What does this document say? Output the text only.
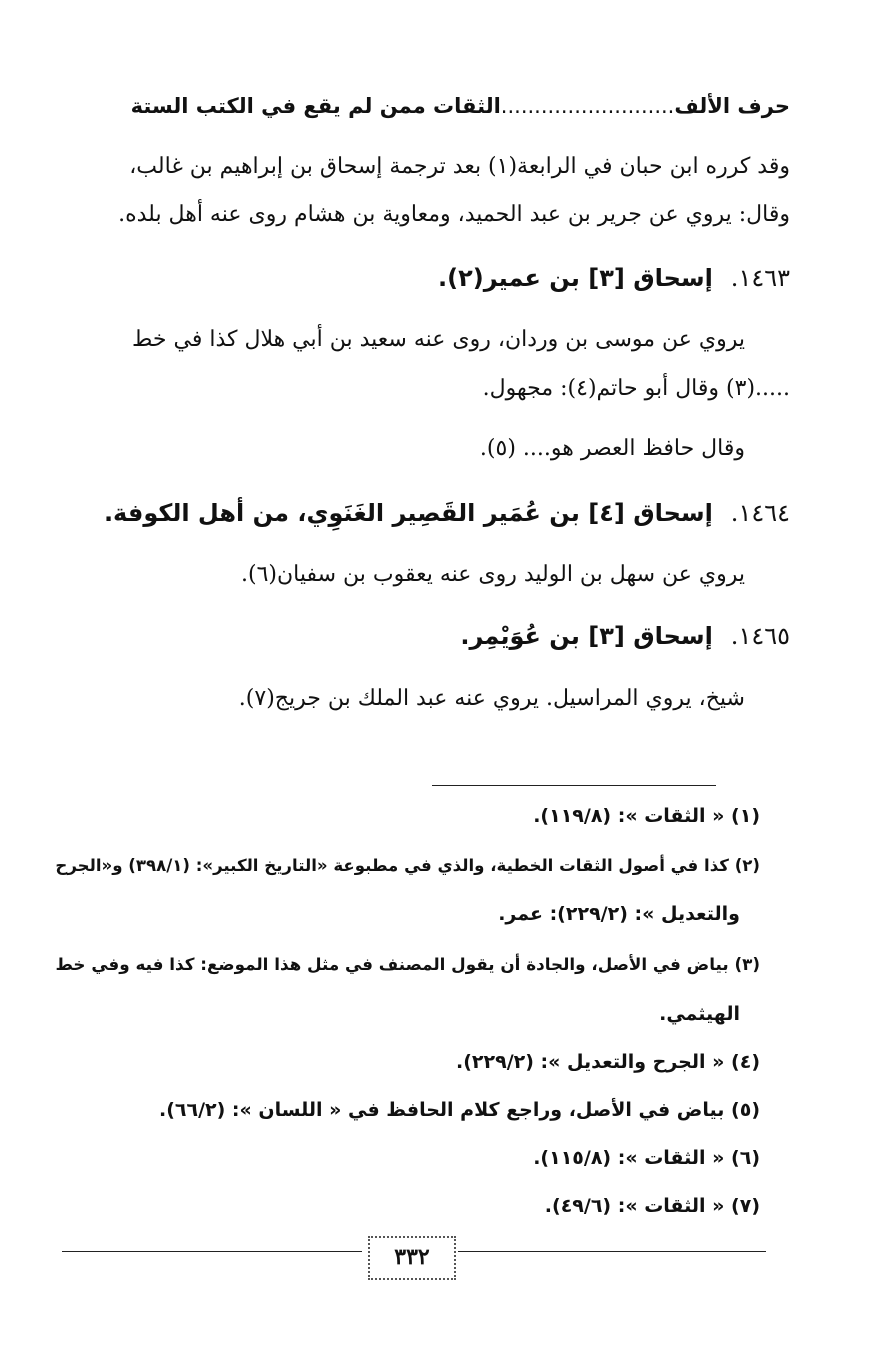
حرف الألف..........................الثقات ممن لم يقع في الكتب الستة
وقد كرره ابن حبان في الرابعة(١) بعد ترجمة إسحاق بن إبراهيم بن غالب،
وقال: يروي عن جرير بن عبد الحميد، ومعاوية بن هشام روى عنه أهل بلده.
١٤٦٣.إسحاق [٣] بن عمير(٢).
يروي عن موسى بن وردان، روى عنه سعيد بن أبي هلال كذا في خط
.....(٣) وقال أبو حاتم(٤): مجهول.
وقال حافظ العصر هو.... (٥).
١٤٦٤.إسحاق [٤] بن عُمَير القَصِير الغَنَوِي، من أهل الكوفة.
يروي عن سهل بن الوليد روى عنه يعقوب بن سفيان(٦).
١٤٦٥.إسحاق [٣] بن عُوَيْمِر.
شيخ، يروي المراسيل. يروي عنه عبد الملك بن جريج(٧).
(١) « الثقات »: (١١٩/٨).
(٢) كذا في أصول الثقات الخطية، والذي في مطبوعة «التاريخ الكبير»: (٣٩٨/١) و«الجرح
والتعديل »: (٢٢٩/٢): عمر.
(٣) بياض في الأصل، والجادة أن يقول المصنف في مثل هذا الموضع: كذا فيه وفي خط
الهيثمي.
(٤) « الجرح والتعديل »: (٢٢٩/٢).
(٥) بياض في الأصل، وراجع كلام الحافظ في « اللسان »: (٦٦/٢).
(٦) « الثقات »: (١١٥/٨).
(٧) « الثقات »: (٤٩/٦).
٣٣٢
